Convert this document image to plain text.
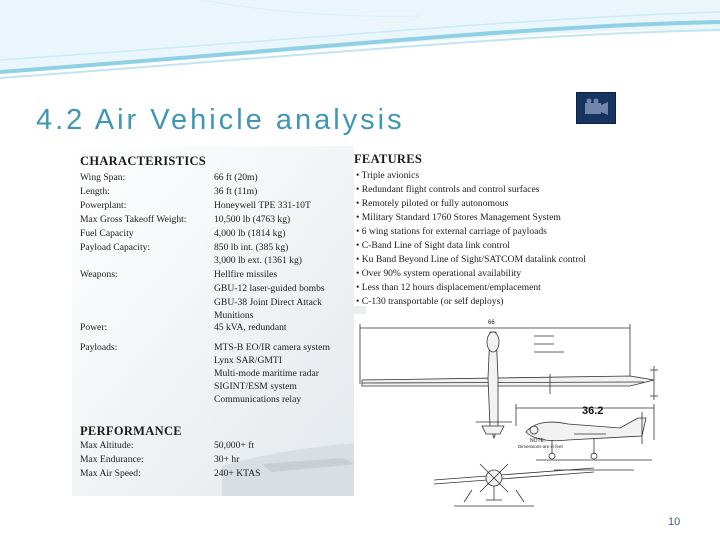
4.2 Air Vehicle analysis
CHARACTERISTICS
Wing Span:	66 ft (20m)
Length:	36 ft (11m)
Powerplant:	Honeywell TPE 331-10T
Max Gross Takeoff Weight:	10,500 lb (4763 kg)
Fuel Capacity	4,000 lb (1814 kg)
Payload Capacity:	850 lb int. (385 kg)
3,000 lb ext. (1361 kg)
Weapons:	Hellfire missiles
GBU-12 laser-guided bombs
GBU-38 Joint Direct Attack
Munitions
Power:	45 kVA, redundant
Payloads:	MTS-B EO/IR camera system
Lynx SAR/GMTI
Multi-mode maritime radar
SIGINT/ESM system
Communications relay
PERFORMANCE
Max Altitude:	50,000+ ft
Max Endurance:	30+ hr
Max Air Speed:	240+ KTAS
FEATURES
• Triple avionics
• Redundant flight controls and control surfaces
• Remotely piloted or fully autonomous
• Military Standard 1760 Stores Management System
• 6 wing stations for external carriage of payloads
• C-Band Line of Sight data link control
• Ku Band Beyond Line of Sight/SATCOM datalink control
• Over 90% system operational availability
• Less than 12 hours displacement/emplacement
• C-130 transportable (or self deploys)
66
36.2
NOTE:
Dimensions are in feet
10
